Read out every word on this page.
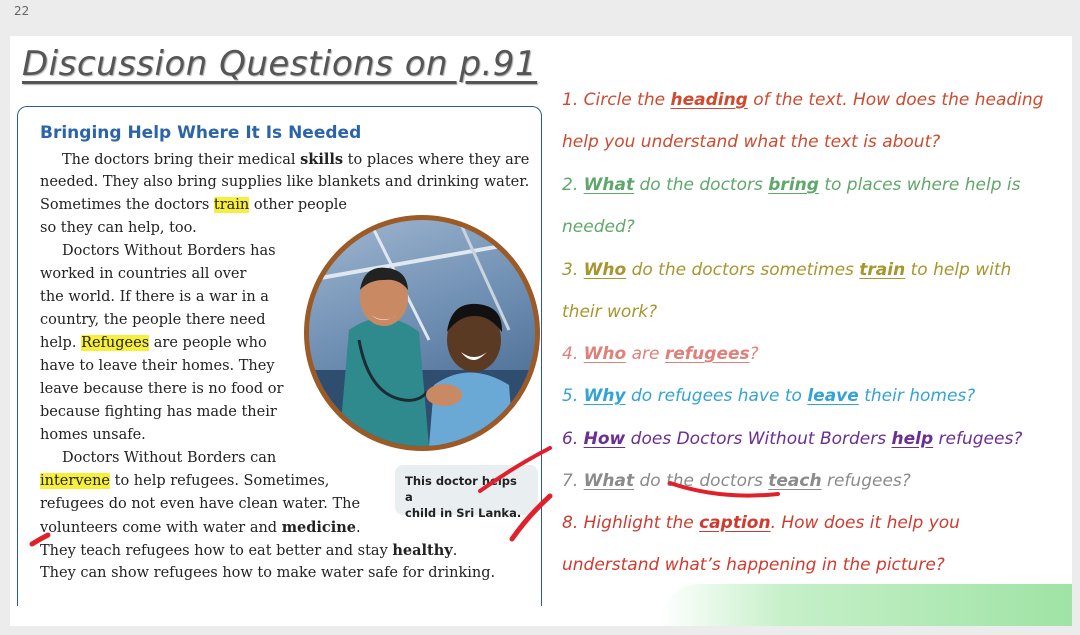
22
Discussion Questions on p.91
Bringing Help Where It Is Needed

The doctors bring their medical skills to places where they are

needed. They also bring supplies like blankets and drinking water.

Sometimes the doctors train other people

so they can help, too.

Doctors Without Borders has

worked in countries all over

the world. If there is a war in a

country, the people there need

help. Refugees are people who

have to leave their homes. They

leave because there is no food or

because fighting has made their

homes unsafe.

Doctors Without Borders can

intervene to help refugees. Sometimes,

refugees do not even have clean water. The

volunteers come with water and medicine.

They teach refugees how to eat better and stay healthy.

They can show refugees how to make water safe for drinking.

This doctor helps a
child in Sri Lanka.

1. Circle the heading of the text. How does the heading

help you understand what the text is about?

2. What do the doctors bring to places where help is

needed?

3. Who do the doctors sometimes train to help with

their work?

4. Who are refugees?

5. Why do refugees have to leave their homes?

6. How does Doctors Without Borders help refugees?

7. What do the doctors teach refugees?

8. Highlight the caption. How does it help you

understand what’s happening in the picture?
